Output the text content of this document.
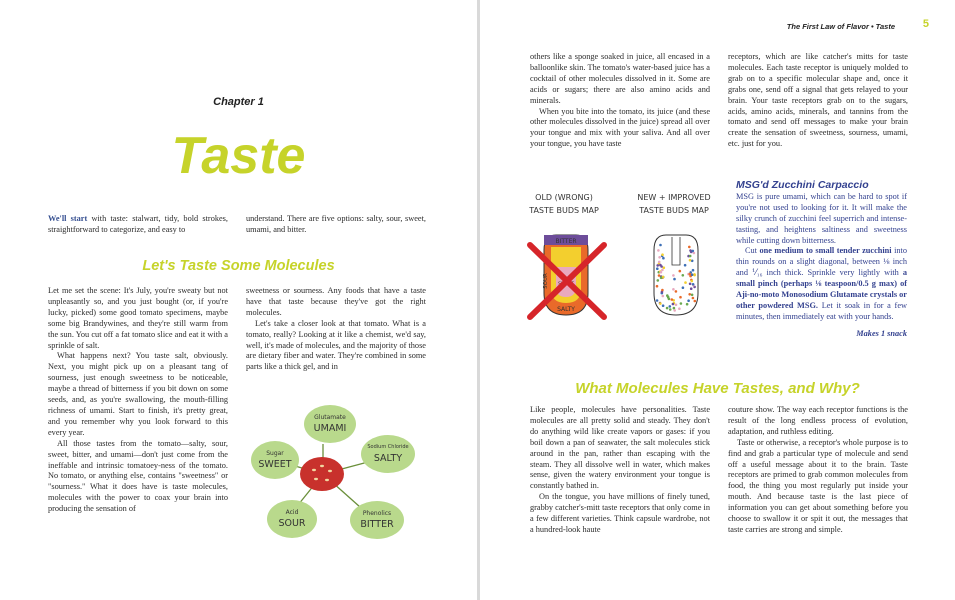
Chapter 1
Taste

We'll start with taste: stalwart, tidy, bold strokes, straightforward to categorize, and easy to

understand. There are five options: salty, sour, sweet, umami, and bitter.

Let's Taste Some Molecules

Let me set the scene: It's July, you're sweaty but not unpleasantly so, and you just bought (or, if you're lucky, picked) some good tomato specimens, maybe some big Brandywines, and they're still warm from the sun. You cut off a fat tomato slice and eat it with a sprinkle of salt.

What happens next? You taste salt, obviously. Next, you might pick up on a pleasant tang of sourness, just enough sweetness to be noticeable, maybe a thread of bitterness if you bit down on some seeds, and, as you're swallowing, the mouth-filling richness of umami. Start to finish, it's pretty great, and you remember why you look forward to this every year.

All those tastes from the tomato—salty, sour, sweet, bitter, and umami—don't just come from the ineffable and intrinsic tomatoey-ness of the tomato. No tomato, or anything else, contains "sweetness" or "sourness." What it does have is taste molecules, molecules with the power to coax your brain into producing the sensation of

sweetness or sourness. Any foods that have a taste have that taste because they've got the right molecules.

Let's take a closer look at that tomato. What is a tomato, really? Looking at it like a chemist, we'd say, well, it's made of molecules, and the majority of those are dietary fiber and water. They're combined in some parts like a thick gel, and in

Glutamate
UMAMI
Sugar
SWEET
Sodium Chloride
SALTY
Acid
SOUR
Phenolics
BITTER
The First Law of Flavor • Taste	5

others like a sponge soaked in juice, all encased in a balloonlike skin. The tomato's water-based juice has a cocktail of other molecules dissolved in it. Some are acids or sugars; there are also amino acids and minerals.

When you bite into the tomato, its juice (and these other molecules dissolved in the juice) spread all over your tongue and mix with your saliva. And all over your tongue, you have taste

receptors, which are like catcher's mitts for taste molecules. Each taste receptor is uniquely molded to grab on to a specific molecular shape and, once it grabs one, send off a signal that gets relayed to your brain. Your taste receptors grab on to the sugars, acids, amino acids, minerals, and tannins from the tomato and send off messages to make your brain create the sensation of sweetness, sourness, umami, etc. just for you.

OLD (WRONG)
TASTE BUDS MAP
NEW + IMPROVED
TASTE BUDS MAP
BITTER
SOUR
SALTY
MSG'd Zucchini Carpaccio

MSG is pure umami, which can be hard to spot if you're not used to looking for it. It will make the silky crunch of zucchini feel superrich and intense-tasting, and heightens saltiness and sweetness while cutting down bitterness.

Cut one medium to small tender zucchini into thin rounds on a slight diagonal, between ⅛ inch and ⅟₁₆ inch thick. Sprinkle very lightly with a small pinch (perhaps ⅛ teaspoon/0.5 g max) of Aji-no-moto Monosodium Glutamate crystals or other powdered MSG. Let it soak in for a few minutes, then immediately eat with your hands.

Makes 1 snack

What Molecules Have Tastes, and Why?

Like people, molecules have personalities. Taste molecules are all pretty solid and steady. They don't do anything wild like create vapors or gases: if you boil down a pan of seawater, the salt molecules stick around in the pan, rather than escaping with the steam. They all dissolve well in water, which makes sense, given the watery environment your tongue is constantly bathed in.

On the tongue, you have millions of finely tuned, grabby catcher's-mitt taste receptors that only come in a few different varieties. Think capsule wardrobe, not a hundred-look haute

couture show. The way each receptor functions is the result of the long endless process of evolution, adaptation, and ruthless editing.

Taste or otherwise, a receptor's whole purpose is to find and grab a particular type of molecule and send off a useful message about it to the brain. Taste receptors are primed to grab common molecules from food, the thing you most regularly put inside your mouth. And because taste is the last piece of information you can get about something before you choose to swallow it or spit it out, the messages that taste carries are strong and simple.
